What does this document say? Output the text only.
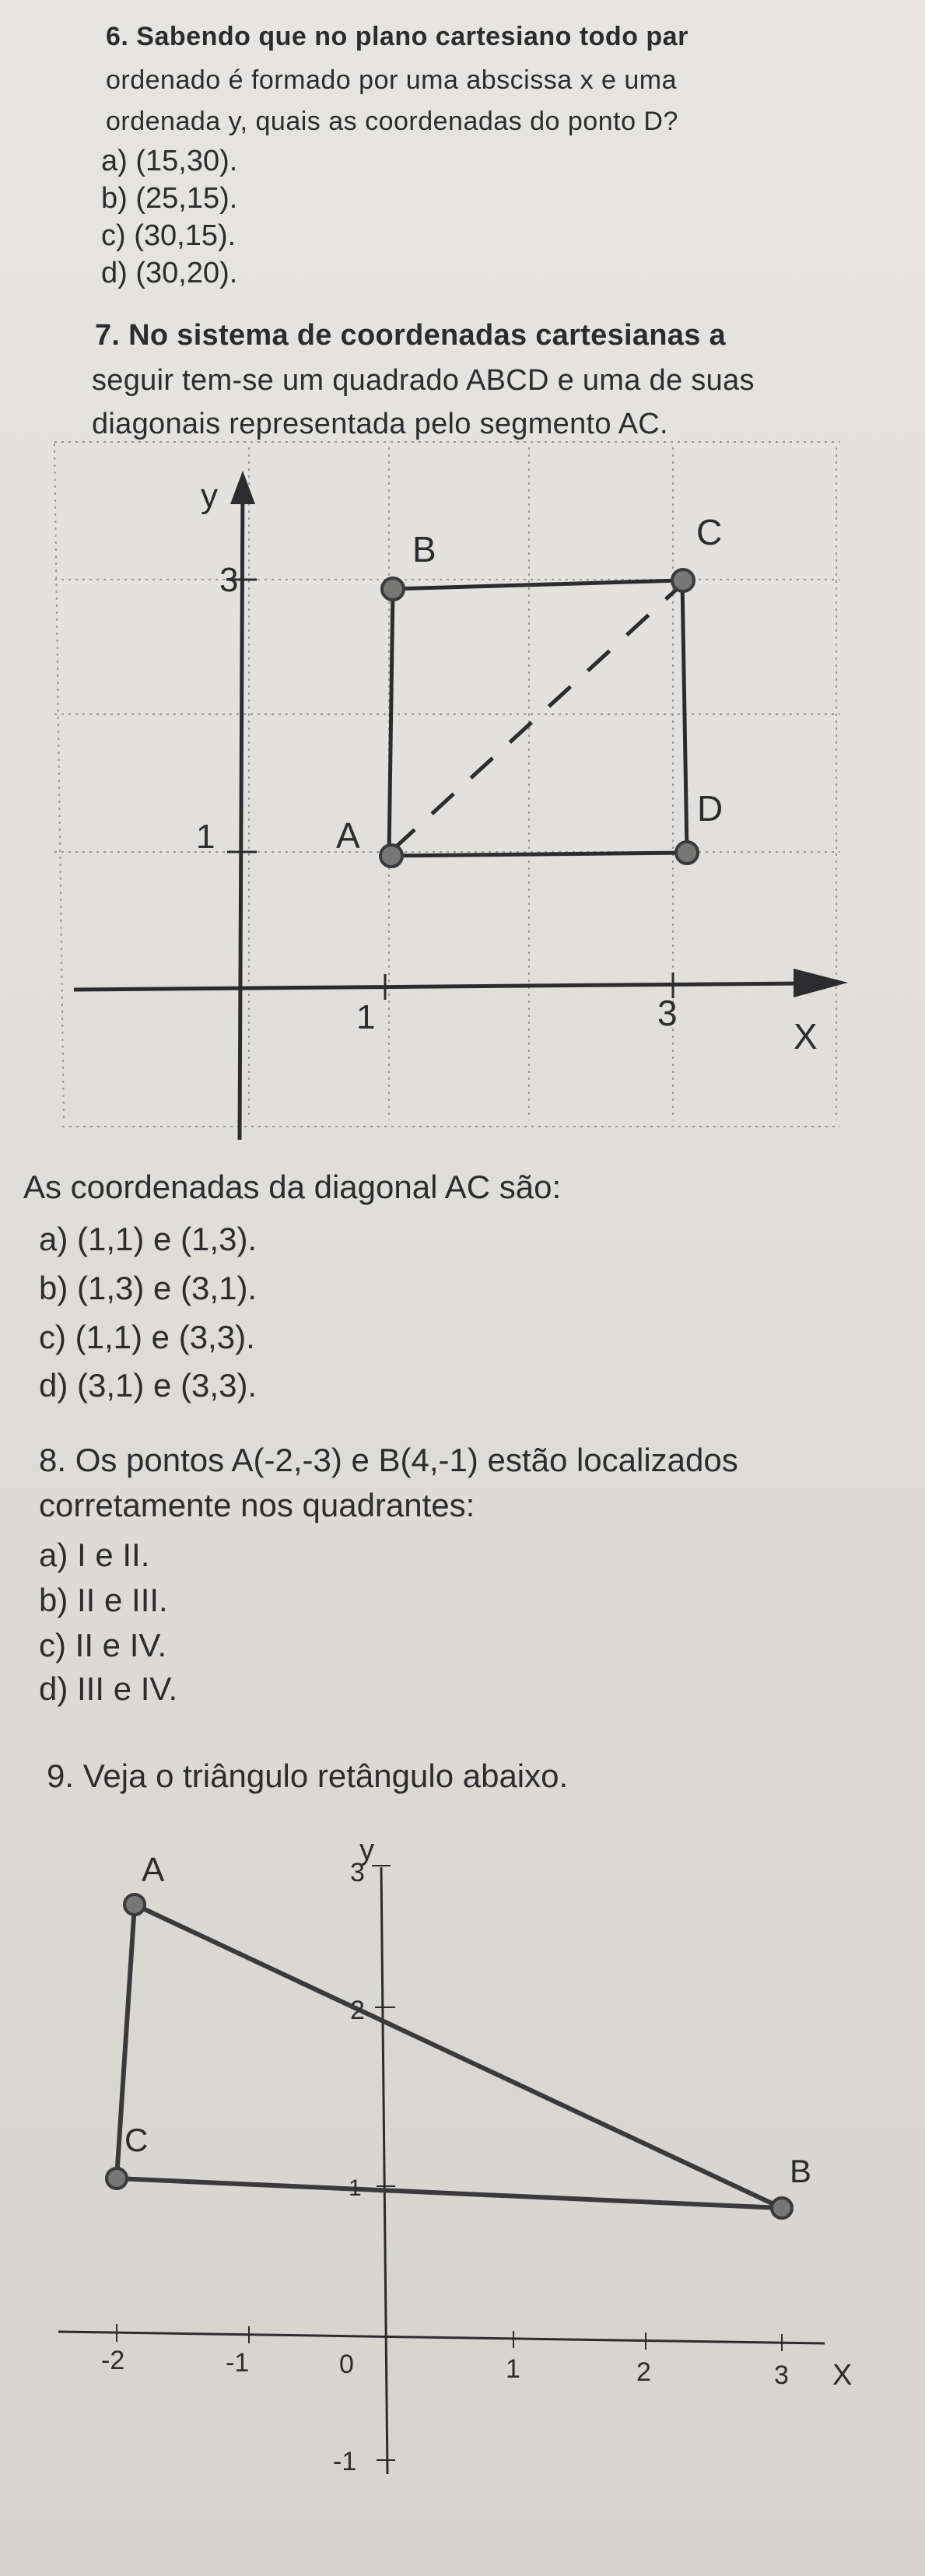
6. Sabendo que no plano cartesiano todo par

ordenado é formado por uma abscissa x e uma

ordenada y, quais as coordenadas do ponto D?

a) (15,30).

b) (25,15).

c) (30,15).

d) (30,20).

7. No sistema de coordenadas cartesianas a

seguir tem-se um quadrado ABCD e uma de suas

diagonais representada pelo segmento AC.

y
X
1
3
1	3
A
B	C
D
A
B
C
y
X
3
2
1
-1
-2	-1	0	1	2	3

As coordenadas da diagonal AC são:

a) (1,1) e (1,3).

b) (1,3) e (3,1).

c) (1,1) e (3,3).

d) (3,1) e (3,3).

8. Os pontos A(-2,-3) e B(4,-1) estão localizados

corretamente nos quadrantes:

a) I e II.

b) II e III.

c) II e IV.

d) III e IV.

9. Veja o triângulo retângulo abaixo.
